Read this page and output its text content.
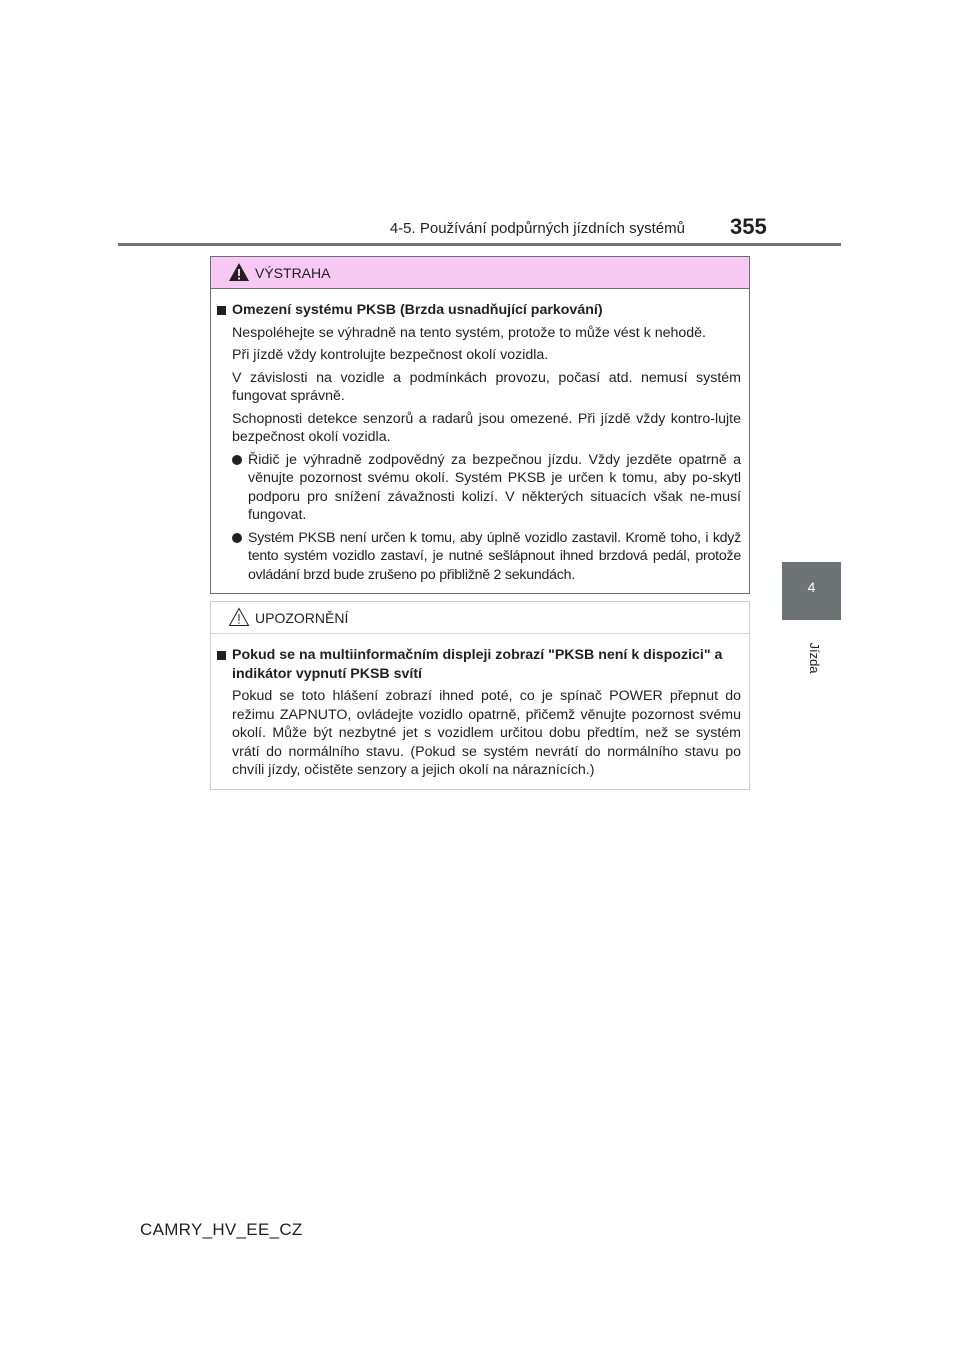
4-5. Používání podpůrných jízdních systémů 355
4
Jízda
VÝSTRAHA
Omezení systému PKSB (Brzda usnadňující parkování)

Nespoléhejte se výhradně na tento systém, protože to může vést k nehodě.

Při jízdě vždy kontrolujte bezpečnost okolí vozidla.

V závislosti na vozidle a podmínkách provozu, počasí atd. nemusí systém fungovat správně.

Schopnosti detekce senzorů a radarů jsou omezené. Při jízdě vždy kontro-lujte bezpečnost okolí vozidla.

Řidič je výhradně zodpovědný za bezpečnou jízdu. Vždy jezděte opatrně a věnujte pozornost svému okolí. Systém PKSB je určen k tomu, aby po-skytl podporu pro snížení závažnosti kolizí. V některých situacích však ne-musí fungovat.
Systém PKSB není určen k tomu, aby úplně vozidlo zastavil. Kromě toho, i když tento systém vozidlo zastaví, je nutné sešlápnout ihned brzdová pedál, protože ovládání brzd bude zrušeno po přibližně 2 sekundách.
UPOZORNĚNÍ
Pokud se na multiinformačním displeji zobrazí "PKSB není k dispozici" a indikátor vypnutí PKSB svítí

Pokud se toto hlášení zobrazí ihned poté, co je spínač POWER přepnut do režimu ZAPNUTO, ovládejte vozidlo opatrně, přičemž věnujte pozornost svému okolí. Může být nezbytné jet s vozidlem určitou dobu předtím, než se systém vrátí do normálního stavu. (Pokud se systém nevrátí do normálního stavu po chvíli jízdy, očistěte senzory a jejich okolí na náraznících.)

CAMRY_HV_EE_CZ
